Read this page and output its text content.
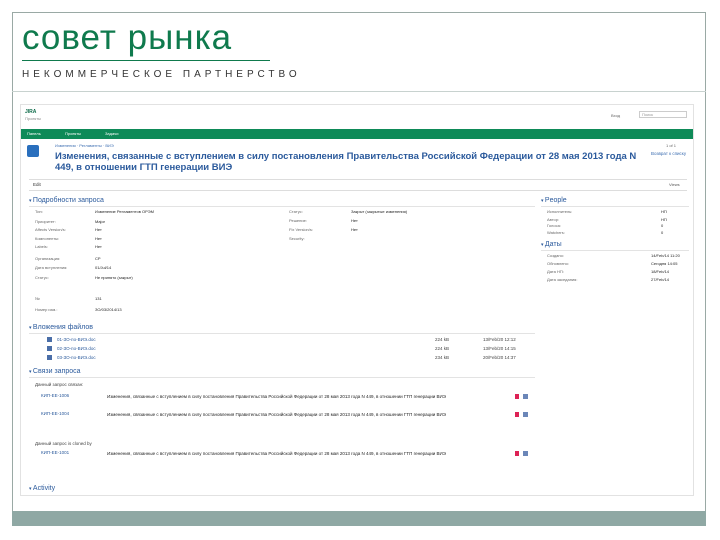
совет рынка
НЕКОММЕРЧЕСКОЕ ПАРТНЕРСТВО
JIRA
Проекты
Вход	Поиск
Панель	Проекты	Задачи
Изменения · Регламенты · ВИЭ
Изменения, связанные с вступлением в силу постановления Правительства Российской Федерации от 28 мая 2013 года N 449, в отношении ГТП генерации ВИЭ
1 of 1
Возврат к списку
Edit	Views
▾ Подробности запроса	▾ People
▾ Даты
▾ Вложения файлов
▾ Связи запроса
Данный запрос связан:
Данный запрос is cloned by
▾ Activity
Тип:	Изменение Регламентов ОРЭМ
Приоритет:	Major
Affects Version/s:	Нет
Компоненты:	Нет
Labels:	Нет
Организация:	СР
Дата вступления:	01/Jul/14
Статус:	Не принято (закрыт)
№:	131
Номер изм.:	ЗО/03/2014/13
Статус:	Закрыт (закрытые изменения)
Решение:	Нет
Fix Version/s:	Нет
Security:
Исполнитель:	НП
Автор:	НП
Голоса:	0
Watchers:	0
Создано:	14/Feb/14 11:20
Обновлено:	Сегодня 14:05
Дата НП:	18/Feb/14
Дата заседания:	27/Feb/14
01-ЗО-по-ВИЭ.doc	224 kB	13/Feb/20 12:12
02-ЗО-по-ВИЭ.doc	224 kB	13/Feb/20 14:15
03-ЗО-по-ВИЭ.doc	234 kB	20/Feb/20 14:37
КИП-ЕЕ-1006	Изменения, связанные с вступлением в силу постановления Правительства Российской Федерации от 28 мая 2013 года N 449, в отношении ГТП генерации ВИЭ
КИП-ЕЕ-1004	Изменения, связанные с вступлением в силу постановления Правительства Российской Федерации от 28 мая 2013 года N 449, в отношении ГТП генерации ВИЭ
КИП-ЕЕ-1001	Изменения, связанные с вступлением в силу постановления Правительства Российской Федерации от 28 мая 2013 года N 449, в отношении ГТП генерации ВИЭ
